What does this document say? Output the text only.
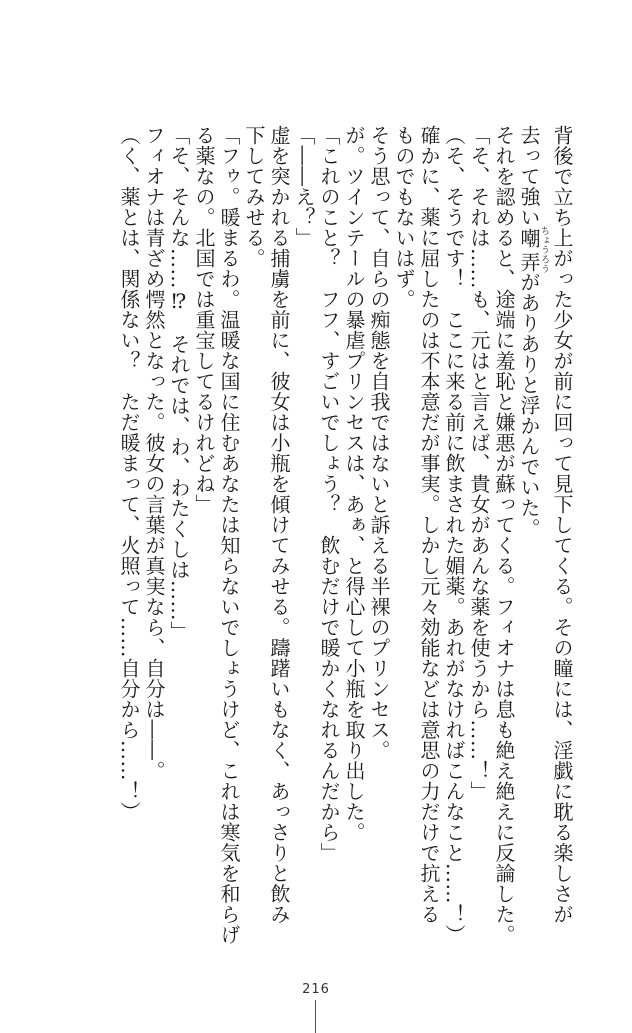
背後で立ち上がった少女が前に回って見下してくる。その瞳には、淫戯に耽る楽しさが
去って強い嘲弄ちょうろうがありありと浮かんでいた。
それを認めると、途端に羞恥と嫌悪が蘇ってくる。フィオナは息も絶え絶えに反論した。
「そ、それは……も、元はと言えば、貴女があんな薬を使うから……！」
（そ、そうです！　ここに来る前に飲まされた媚薬。あれがなければこんなこと……！）
確かに、薬に屈したのは不本意だが事実。しかし元々効能などは意思の力だけで抗える
ものでもないはず。
そう思って、自らの痴態を自我ではないと訴える半裸のプリンセス。
が。ツインテールの暴虐プリンセスは、あぁ、と得心して小瓶を取り出した。
「これのこと？　フフ、すごいでしょう？　飲むだけで暖かくなれるんだから」
「――え？」
虚を突かれる捕虜を前に、彼女は小瓶を傾けてみせる。躊躇いもなく、あっさりと飲み
下してみせる。
「フゥ。暖まるわ。温暖な国に住むあなたは知らないでしょうけど、これは寒気を和らげ
る薬なの。北国では重宝してるけれどね」
「そ、そんな……⁉　それでは、わ、わたくしは……」
フィオナは青ざめ愕然となった。彼女の言葉が真実なら、自分は――。
（く、薬とは、関係ない？　ただ暖まって、火照って……自分から……！）
216
